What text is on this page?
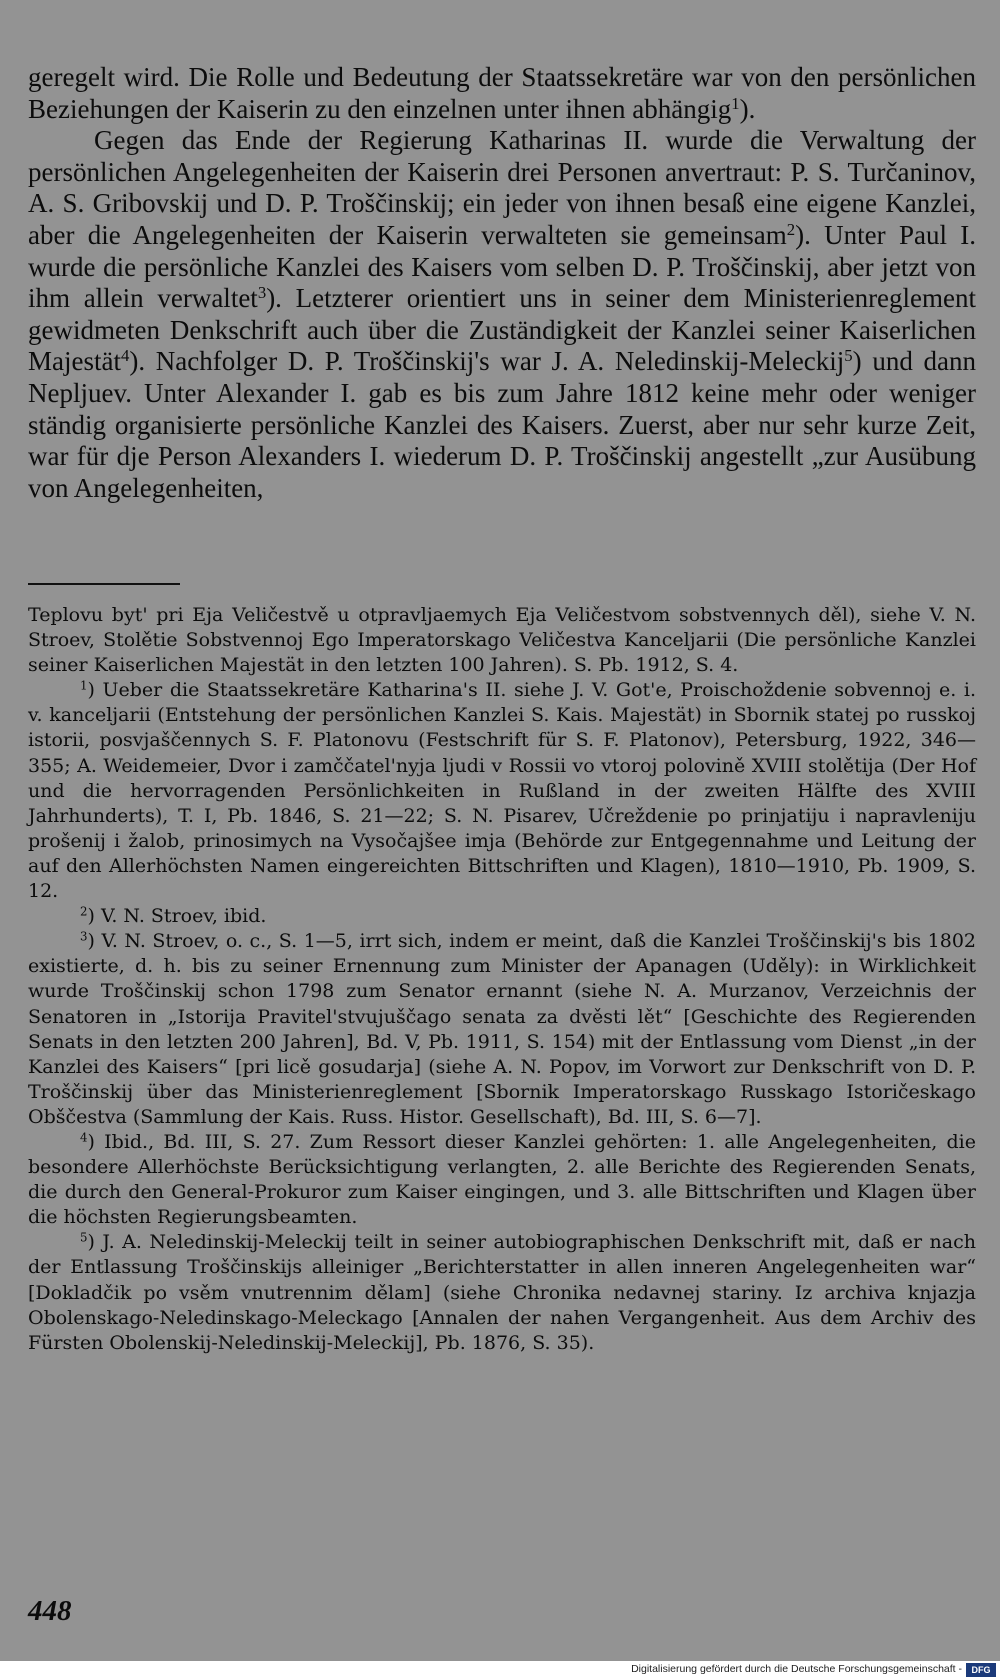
geregelt wird. Die Rolle und Bedeutung der Staatssekretäre war von den persönlichen Beziehungen der Kaiserin zu den einzelnen unter ihnen abhängig$^1$).

Gegen das Ende der Regierung Katharinas II. wurde die Verwaltung der persönlichen Angelegenheiten der Kaiserin drei Personen anvertraut: P. S. Turčaninov, A. S. Gribovskij und D. P. Troščinskij; ein jeder von ihnen besaß eine eigene Kanzlei, aber die Angelegenheiten der Kaiserin verwalteten sie gemeinsam$^2$). Unter Paul I. wurde die persönliche Kanzlei des Kaisers vom selben D. P. Troščinskij, aber jetzt von ihm allein verwaltet$^3$). Letzterer orientiert uns in seiner dem Ministerienreglement gewidmeten Denkschrift auch über die Zuständigkeit der Kanzlei seiner Kaiserlichen Majestät$^4$). Nachfolger D. P. Troščinskij's war J. A. Neledinskij-Meleckij$^5$) und dann Nepljuev. Unter Alexander I. gab es bis zum Jahre 1812 keine mehr oder weniger ständig organisierte persönliche Kanzlei des Kaisers. Zuerst, aber nur sehr kurze Zeit, war für dje Person Alexanders I. wiederum D. P. Troščinskij angestellt „zur Ausübung von Angelegenheiten,

Teplovu byt' pri Eja Veličestvě u otpravljaemych Eja Veličestvom sobstvennych děl), siehe V. N. Stroev, Stolětie Sobstvennoj Ego Imperatorskago Veličestva Kanceljarii (Die persönliche Kanzlei seiner Kaiserlichen Majestät in den letzten 100 Jahren). S. Pb. 1912, S. 4.

$^1$) Ueber die Staatssekretäre Katharina's II. siehe J. V. Got'e, Proischoždenie sobvennoj e. i. v. kanceljarii (Entstehung der persönlichen Kanzlei S. Kais. Majestät) in Sbornik statej po russkoj istorii, posvjaščennych S. F. Platonovu (Festschrift für S. F. Platonov), Petersburg, 1922, 346—355; A. Weidemeier, Dvor i zamččatel'nyja ljudi v Rossii vo vtoroj polovině XVIII stolětija (Der Hof und die hervorragenden Persönlichkeiten in Rußland in der zweiten Hälfte des XVIII Jahrhunderts), T. I, Pb. 1846, S. 21—22; S. N. Pisarev, Učreždenie po prinjatiju i napravleniju prošenij i žalob, prinosimych na Vysočajšee imja (Behörde zur Entgegennahme und Leitung der auf den Allerhöchsten Namen eingereichten Bittschriften und Klagen), 1810—1910, Pb. 1909, S. 12.

$^2$) V. N. Stroev, ibid.

$^3$) V. N. Stroev, o. c., S. 1—5, irrt sich, indem er meint, daß die Kanzlei Troščinskij's bis 1802 existierte, d. h. bis zu seiner Ernennung zum Minister der Apanagen (Uděly): in Wirklichkeit wurde Troščinskij schon 1798 zum Senator ernannt (siehe N. A. Murzanov, Verzeichnis der Senatoren in „Istorija Pravitel'stvujuščago senata za dvěsti lět“ [Geschichte des Regierenden Senats in den letzten 200 Jahren], Bd. V, Pb. 1911, S. 154) mit der Entlassung vom Dienst „in der Kanzlei des Kaisers“ [pri licě gosudarja] (siehe A. N. Popov, im Vorwort zur Denkschrift von D. P. Troščinskij über das Ministerienreglement [Sbornik Imperatorskago Russkago Istoričeskago Obščestva (Sammlung der Kais. Russ. Histor. Gesellschaft), Bd. III, S. 6—7].

$^4$) Ibid., Bd. III, S. 27. Zum Ressort dieser Kanzlei gehörten: 1. alle Angelegenheiten, die besondere Allerhöchste Berücksichtigung verlangten, 2. alle Berichte des Regierenden Senats, die durch den General-Prokuror zum Kaiser eingingen, und 3. alle Bittschriften und Klagen über die höchsten Regierungsbeamten.

$^5$) J. A. Neledinskij-Meleckij teilt in seiner autobiographischen Denkschrift mit, daß er nach der Entlassung Troščinskijs alleiniger „Berichterstatter in allen inneren Angelegenheiten war“ [Dokladčik po vsěm vnutrennim dělam] (siehe Chronika nedavnej stariny. Iz archiva knjazja Obolenskago-Neledinskago-Meleckago [Annalen der nahen Vergangenheit. Aus dem Archiv des Fürsten Obolenskij-Neledinskij-Meleckij], Pb. 1876, S. 35).

448
Digitalisierung gefördert durch die Deutsche Forschungsgemeinschaft -	DFG
